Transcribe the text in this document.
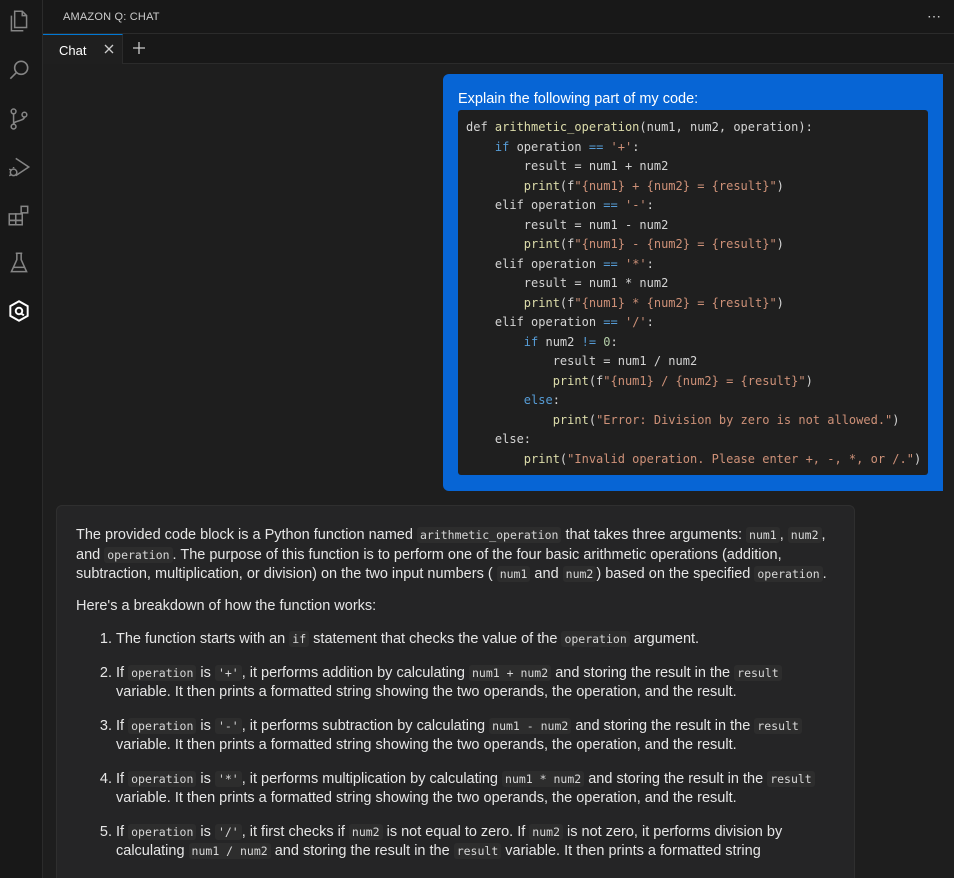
AMAZON Q: CHAT	⋯
Chat
Explain the following part of my code:
def arithmetic_operation(num1, num2, operation):
if operation == '+':
result = num1 + num2
print(f"{num1} + {num2} = {result}")
elif operation == '-':
result = num1 - num2
print(f"{num1} - {num2} = {result}")
elif operation == '*':
result = num1 * num2
print(f"{num1} * {num2} = {result}")
elif operation == '/':
if num2 != 0:
result = num1 / num2
print(f"{num1} / {num2} = {result}")
else:
print("Error: Division by zero is not allowed.")
else:
print("Invalid operation. Please enter +, -, *, or /.")

The provided code block is a Python function named arithmetic_operation that takes three arguments: num1 , num2 , and operation . The purpose of this function is to perform one of the four basic arithmetic operations (addition, subtraction, multiplication, or division) on the two input numbers ( num1 and num2 ) based on the specified operation .

Here's a breakdown of how the function works:

1. The function starts with an if statement that checks the value of the operation argument.
2. If operation is '+' , it performs addition by calculating num1 + num2 and storing the result in the result variable. It then prints a formatted string showing the two operands, the operation, and the result.
3. If operation is '-' , it performs subtraction by calculating num1 - num2 and storing the result in the result variable. It then prints a formatted string showing the two operands, the operation, and the result.
4. If operation is '*' , it performs multiplication by calculating num1 * num2 and storing the result in the result variable. It then prints a formatted string showing the two operands, the operation, and the result.
5. If operation is '/' , it first checks if num2 is not equal to zero. If num2 is not zero, it performs division by calculating num1 / num2 and storing the result in the result variable. It then prints a formatted string
